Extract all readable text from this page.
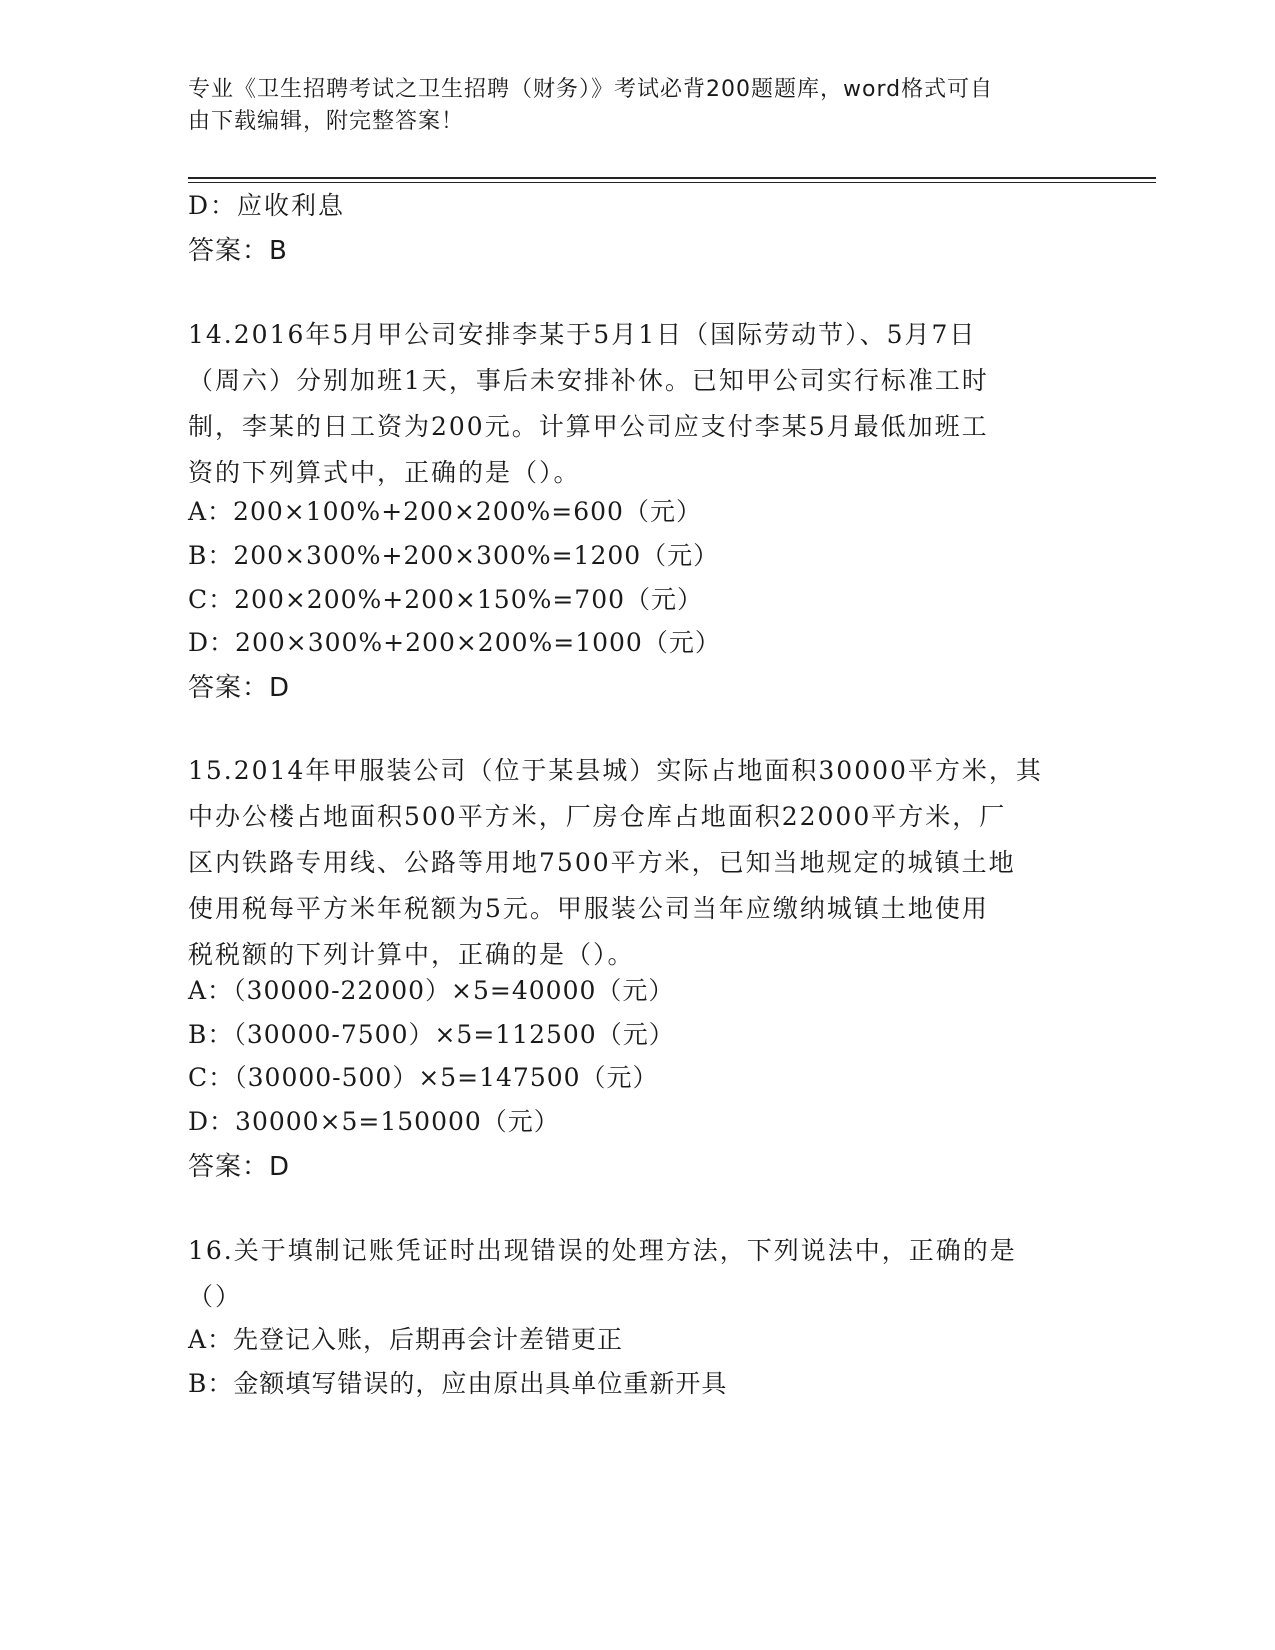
专业《卫生招聘考试之卫生招聘（财务）》考试必背200题题库，word格式可自
由下载编辑，附完整答案！
D：应收利息
答案：B
14.2016年5月甲公司安排李某于5月1日（国际劳动节）、5月7日
（周六）分别加班1天，事后未安排补休。已知甲公司实行标准工时
制，李某的日工资为200元。计算甲公司应支付李某5月最低加班工
资的下列算式中，正确的是（）。
A：200×100%+200×200%=600（元）
B：200×300%+200×300%=1200（元）
C：200×200%+200×150%=700（元）
D：200×300%+200×200%=1000（元）
答案：D
15.2014年甲服装公司（位于某县城）实际占地面积30000平方米，其
中办公楼占地面积500平方米，厂房仓库占地面积22000平方米，厂
区内铁路专用线、公路等用地7500平方米，已知当地规定的城镇土地
使用税每平方米年税额为5元。甲服装公司当年应缴纳城镇土地使用
税税额的下列计算中，正确的是（）。
A：（30000-22000）×5=40000（元）
B：（30000-7500）×5=112500（元）
C：（30000-500）×5=147500（元）
D：30000×5=150000（元）
答案：D
16.关于填制记账凭证时出现错误的处理方法，下列说法中，正确的是
（）
A：先登记入账，后期再会计差错更正
B：金额填写错误的，应由原出具单位重新开具
